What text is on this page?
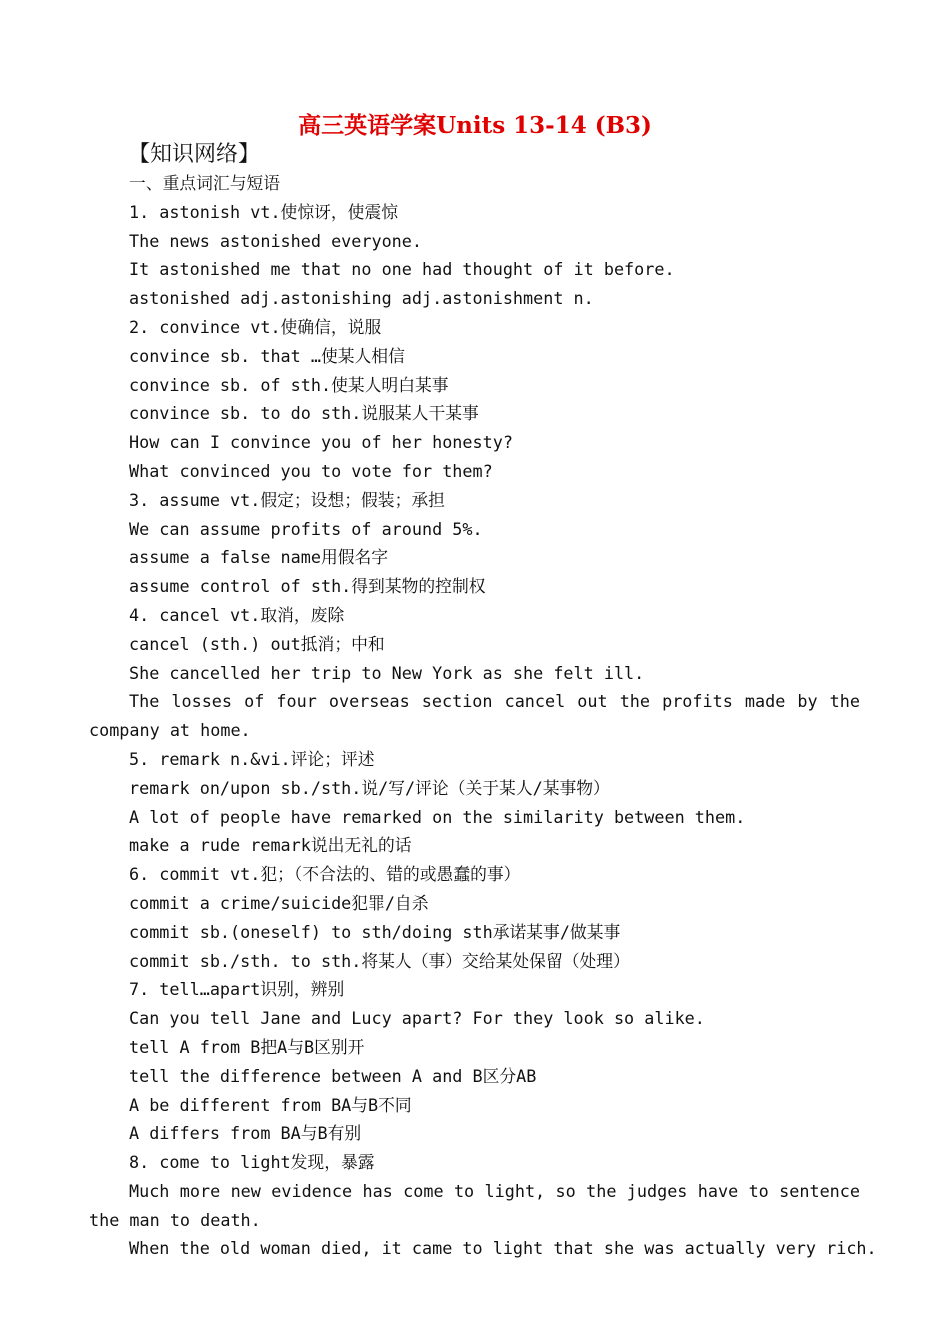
高三英语学案Units 13-14 (B3)
【知识网络】
一、重点词汇与短语
1. astonish vt.使惊讶，使震惊
The news astonished everyone.
It astonished me that no one had thought of it before.
astonished adj.astonishing adj.astonishment n.
2. convince vt.使确信，说服
convince sb. that …使某人相信
convince sb. of sth.使某人明白某事
convince sb. to do sth.说服某人干某事
How can I convince you of her honesty?
What convinced you to vote for them?
3. assume vt.假定；设想；假装；承担
We can assume profits of around 5%.
assume a false name用假名字
assume control of sth.得到某物的控制权
4. cancel vt.取消，废除
cancel (sth.) out抵消；中和
She cancelled her trip to New York as she felt ill.
The losses of four overseas section cancel out the profits made by the
company at home.
5. remark n.&vi.评论；评述
remark on/upon sb./sth.说/写/评论（关于某人/某事物）
A lot of people have remarked on the similarity between them.
make a rude remark说出无礼的话
6. commit vt.犯；（不合法的、错的或愚蠢的事）
commit a crime/suicide犯罪/自杀
commit sb.(oneself) to sth/doing sth承诺某事/做某事
commit sb./sth. to sth.将某人（事）交给某处保留（处理）
7. tell…apart识别，辨别
Can you tell Jane and Lucy apart? For they look so alike.
tell A from B把A与B区别开
tell the difference between A and B区分AB
A be different from BA与B不同
A differs from BA与B有别
8. come to light发现，暴露
Much more new evidence has come to light, so the judges have to sentence
the man to death.
When the old woman died, it came to light that she was actually very rich.
